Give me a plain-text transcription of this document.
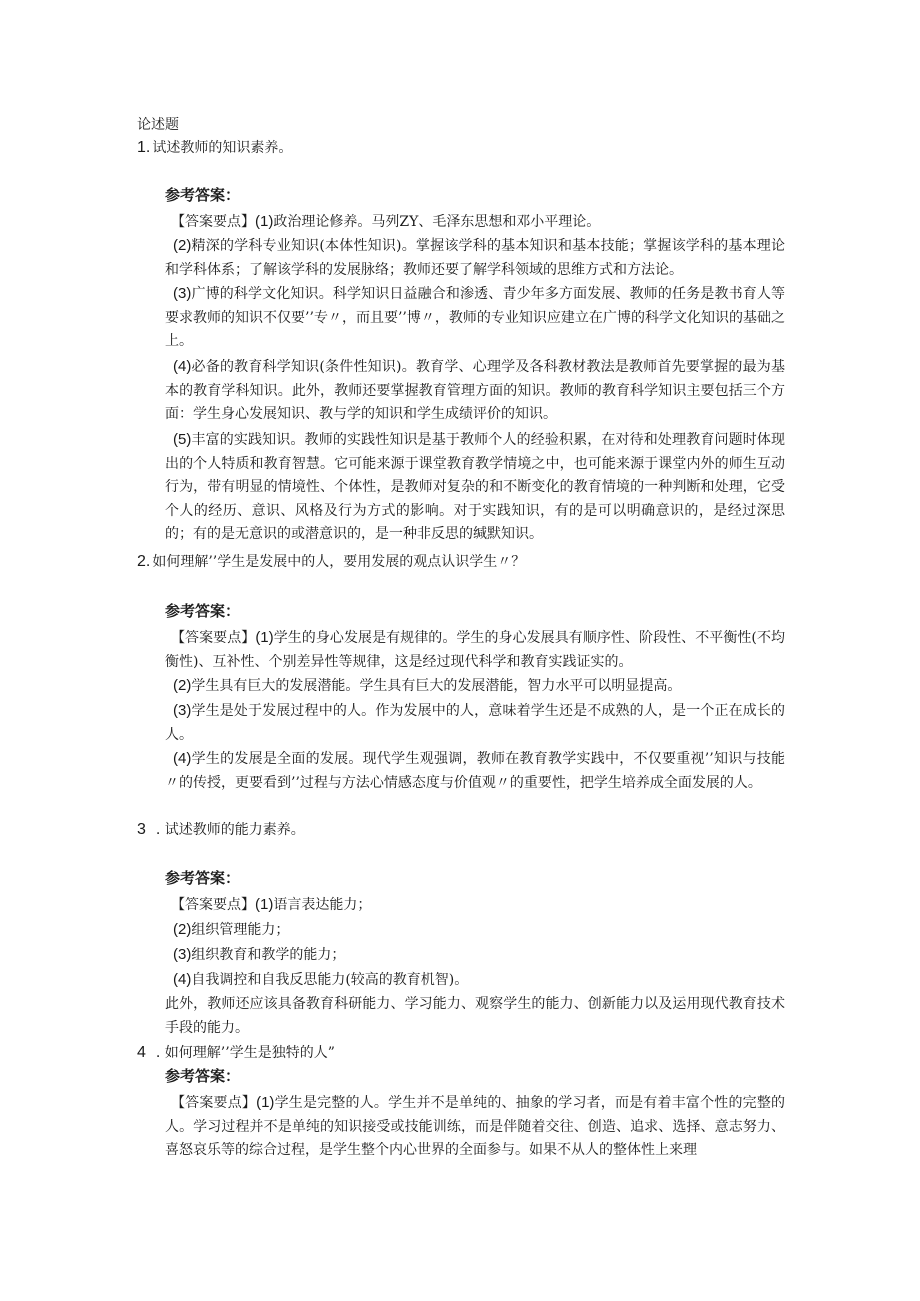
论述题
1. 试述教师的知识素养。
参考答案：
【答案要点】(1)政治理论修养。马列ZY、毛泽东思想和邓小平理论。
(2)精深的学科专业知识(本体性知识)。掌握该学科的基本知识和基本技能；掌握该学科的基本理论和学科体系；了解该学科的发展脉络；教师还要了解学科领域的思维方式和方法论。
(3)广博的科学文化知识。科学知识日益融合和渗透、青少年多方面发展、教师的任务是教书育人等要求教师的知识不仅要’’专〃，而且要’’博〃，教师的专业知识应建立在广博的科学文化知识的基础之上。
(4)必备的教育科学知识(条件性知识)。教育学、心理学及各科教材教法是教师首先要掌握的最为基本的教育学科知识。此外，教师还要掌握教育管理方面的知识。教师的教育科学知识主要包括三个方面：学生身心发展知识、教与学的知识和学生成绩评价的知识。
(5)丰富的实践知识。教师的实践性知识是基于教师个人的经验积累，在对待和处理教育问题时体现出的个人特质和教育智慧。它可能来源于课堂教育教学情境之中，也可能来源于课堂内外的师生互动行为，带有明显的情境性、个体性，是教师对复杂的和不断变化的教育情境的一种判断和处理，它受个人的经历、意识、风格及行为方式的影响。对于实践知识，有的是可以明确意识的，是经过深思的；有的是无意识的或潜意识的，是一种非反思的缄默知识。
2. 如何理解’’学生是发展中的人，要用发展的观点认识学生〃？
参考答案：
【答案要点】(1)学生的身心发展是有规律的。学生的身心发展具有顺序性、阶段性、不平衡性(不均衡性)、互补性、个别差异性等规律，这是经过现代科学和教育实践证实的。
(2)学生具有巨大的发展潜能。学生具有巨大的发展潜能，智力水平可以明显提高。
(3)学生是处于发展过程中的人。作为发展中的人，意味着学生还是不成熟的人，是一个正在成长的人。
(4)学生的发展是全面的发展。现代学生观强调，教师在教育教学实践中，不仅要重视’’知识与技能〃的传授，更要看到’’过程与方法心情感态度与价值观〃的重要性，把学生培养成全面发展的人。
3 . 试述教师的能力素养。
参考答案：
【答案要点】(1)语言表达能力；
(2)组织管理能力；
(3)组织教育和教学的能力；
(4)自我调控和自我反思能力(较高的教育机智)。
此外，教师还应该具备教育科研能力、学习能力、观察学生的能力、创新能力以及运用现代教育技术手段的能力。
4 . 如何理解’’学生是独特的人”
参考答案：
【答案要点】(1)学生是完整的人。学生并不是单纯的、抽象的学习者，而是有着丰富个性的完整的人。学习过程并不是单纯的知识接受或技能训练，而是伴随着交往、创造、追求、选择、意志努力、喜怒哀乐等的综合过程，是学生整个内心世界的全面参与。如果不从人的整体性上来理
